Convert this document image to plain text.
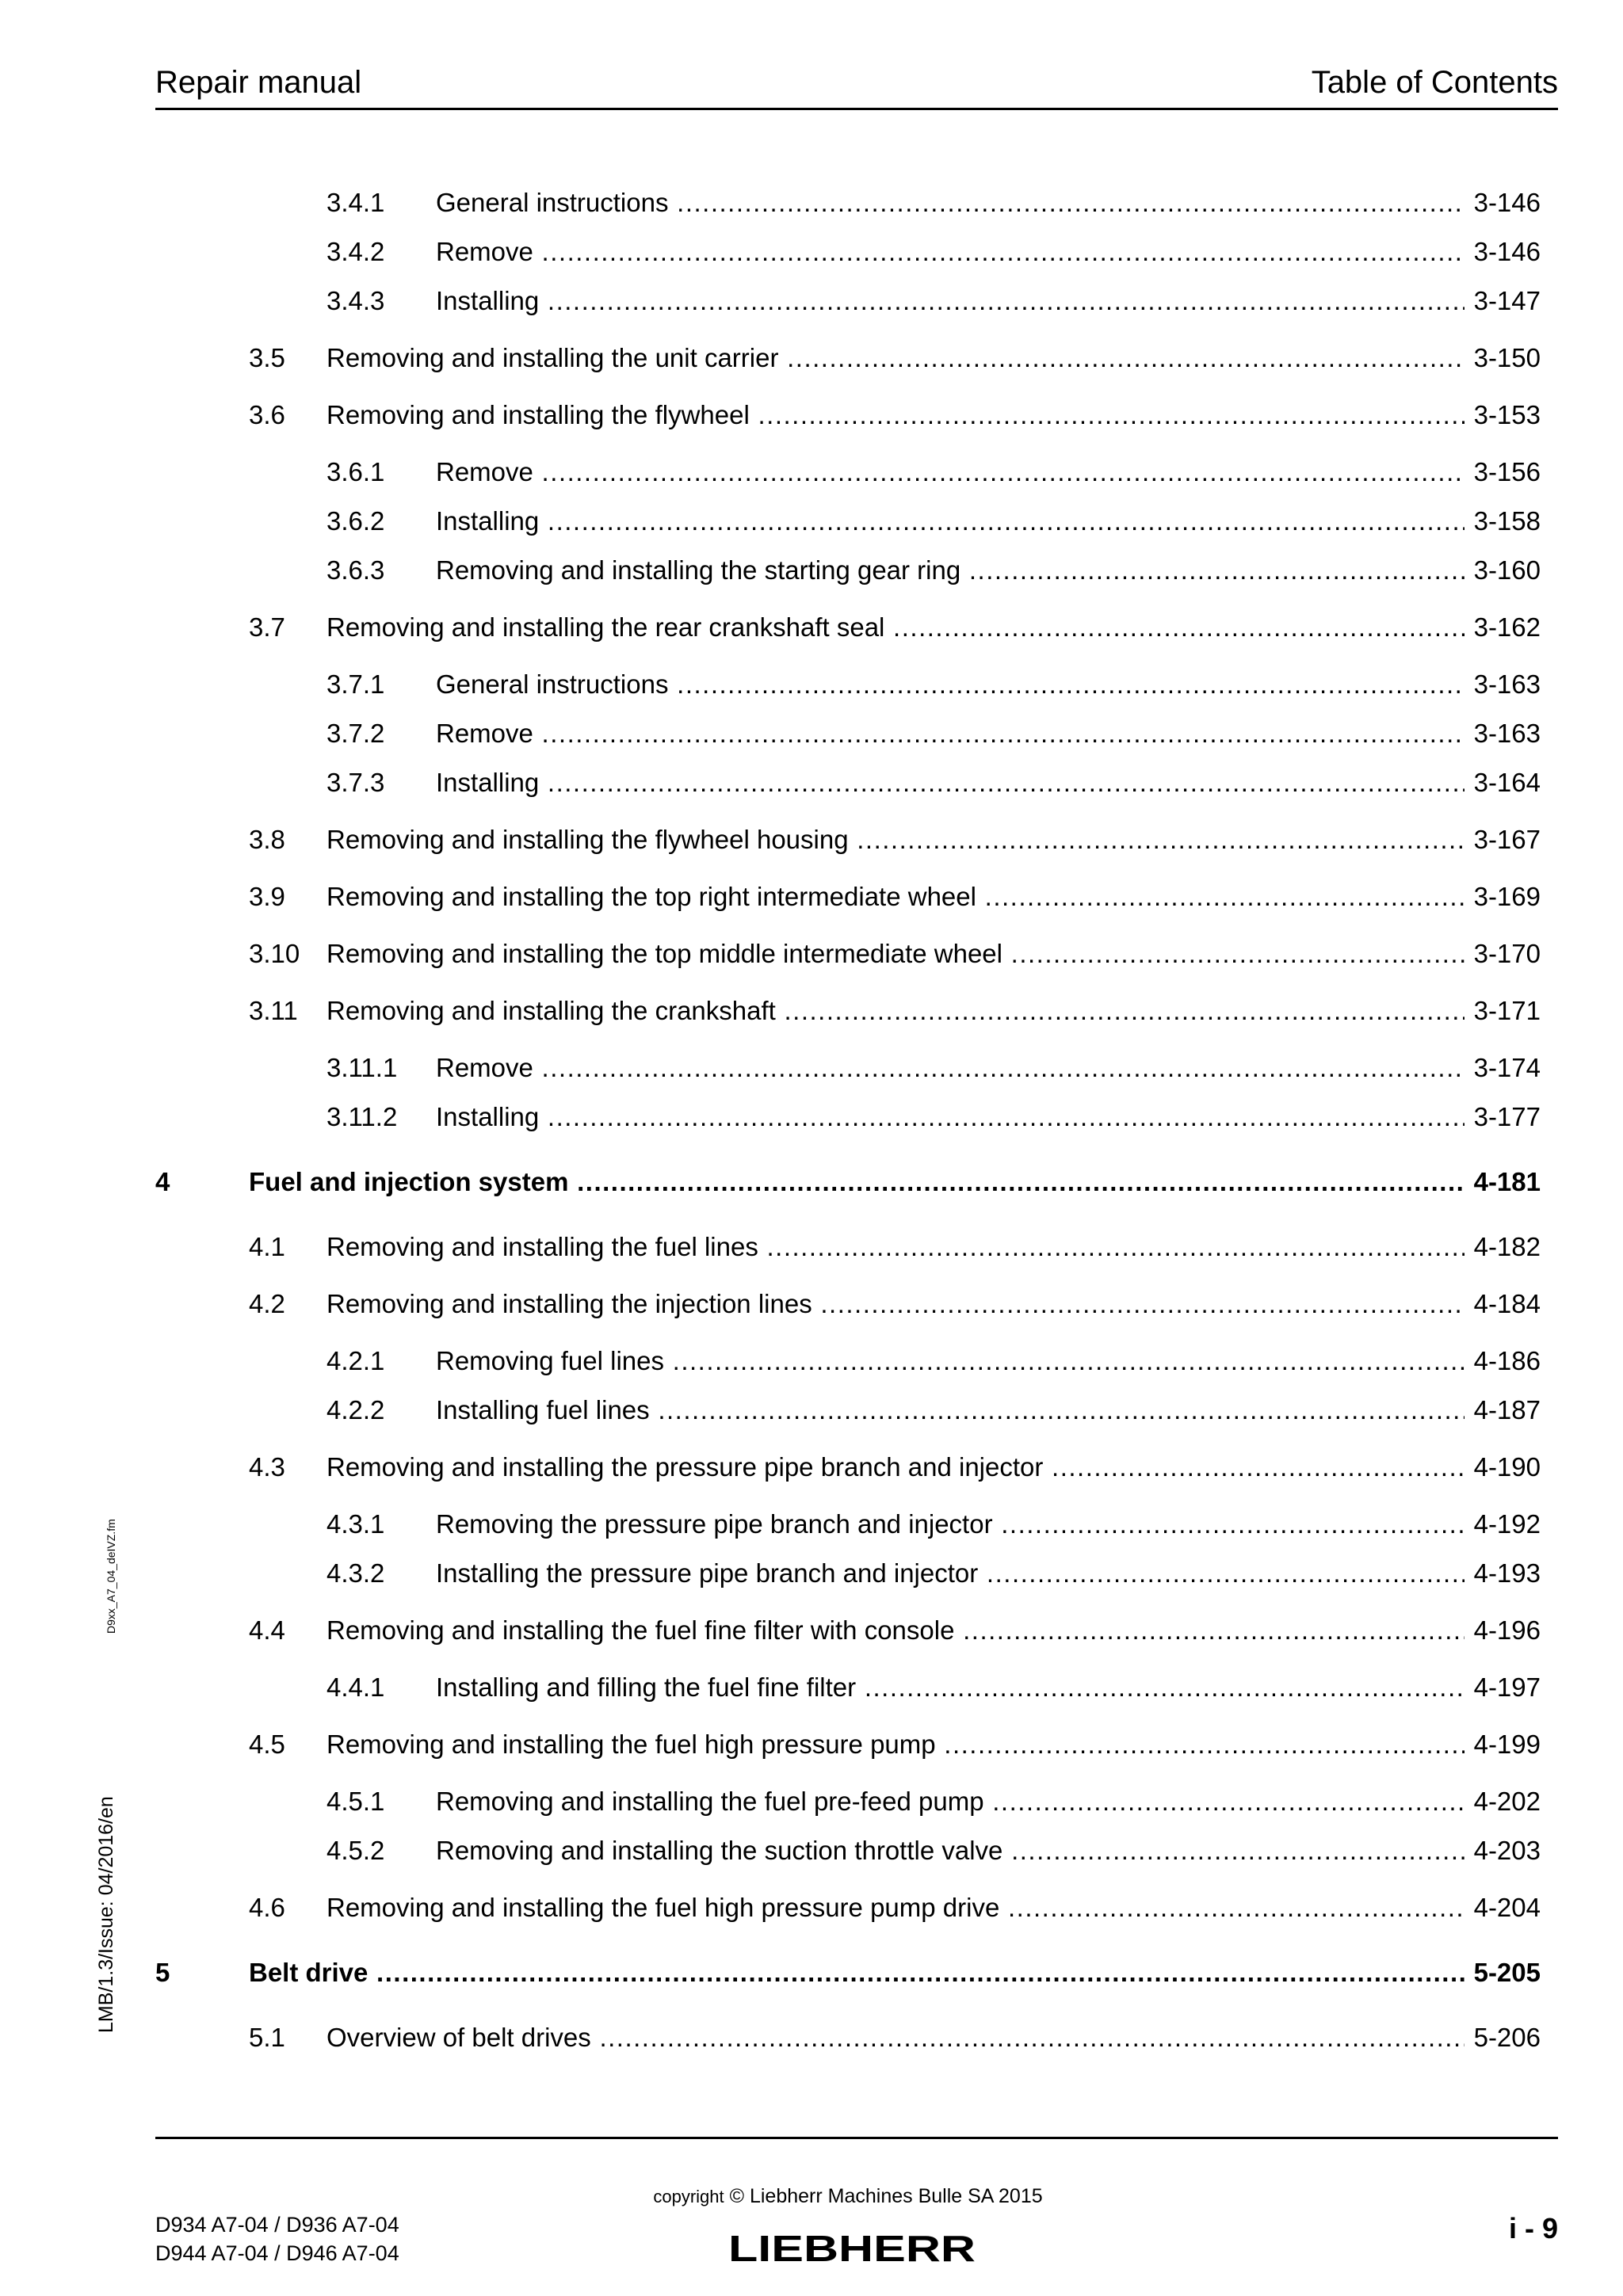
Repair manual	Table of Contents
3.4.1 General instructions .....	3-146
3.4.2 Remove .....	3-146
3.4.3 Installing .....	3-147
3.5 Removing and installing the unit carrier .....	3-150
3.6 Removing and installing the flywheel .....	3-153
3.6.1 Remove .....	3-156
3.6.2 Installing .....	3-158
3.6.3 Removing and installing the starting gear ring .....	3-160
3.7 Removing and installing the rear crankshaft seal .....	3-162
3.7.1 General instructions .....	3-163
3.7.2 Remove .....	3-163
3.7.3 Installing .....	3-164
3.8 Removing and installing the flywheel housing .....	3-167
3.9 Removing and installing the top right intermediate wheel .....	3-169
3.10 Removing and installing the top middle intermediate wheel .....	3-170
3.11 Removing and installing the crankshaft .....	3-171
3.11.1 Remove .....	3-174
3.11.2 Installing .....	3-177
4	Fuel and injection system .....	4-181
4.1 Removing and installing the fuel lines .....	4-182
4.2 Removing and installing the injection lines .....	4-184
4.2.1 Removing fuel lines .....	4-186
4.2.2 Installing fuel lines .....	4-187
4.3 Removing and installing the pressure pipe branch and injector .....	4-190
4.3.1 Removing the pressure pipe branch and injector .....	4-192
4.3.2 Installing the pressure pipe branch and injector .....	4-193
4.4 Removing and installing the fuel fine filter with console .....	4-196
4.4.1 Installing and filling the fuel fine filter .....	4-197
4.5 Removing and installing the fuel high pressure pump .....	4-199
4.5.1 Removing and installing the fuel pre-feed pump .....	4-202
4.5.2 Removing and installing the suction throttle valve .....	4-203
4.6 Removing and installing the fuel high pressure pump drive .....	4-204
5	Belt drive .....	5-205
5.1 Overview of belt drives .....	5-206
D9xx_A7_04_deIVZ.fm
LMB/1.3/Issue: 04/2016/en
copyright © Liebherr Machines Bulle SA 2015
D934 A7-04 / D936 A7-04
D944 A7-04 / D946 A7-04
i - 9
LIEBHERR
